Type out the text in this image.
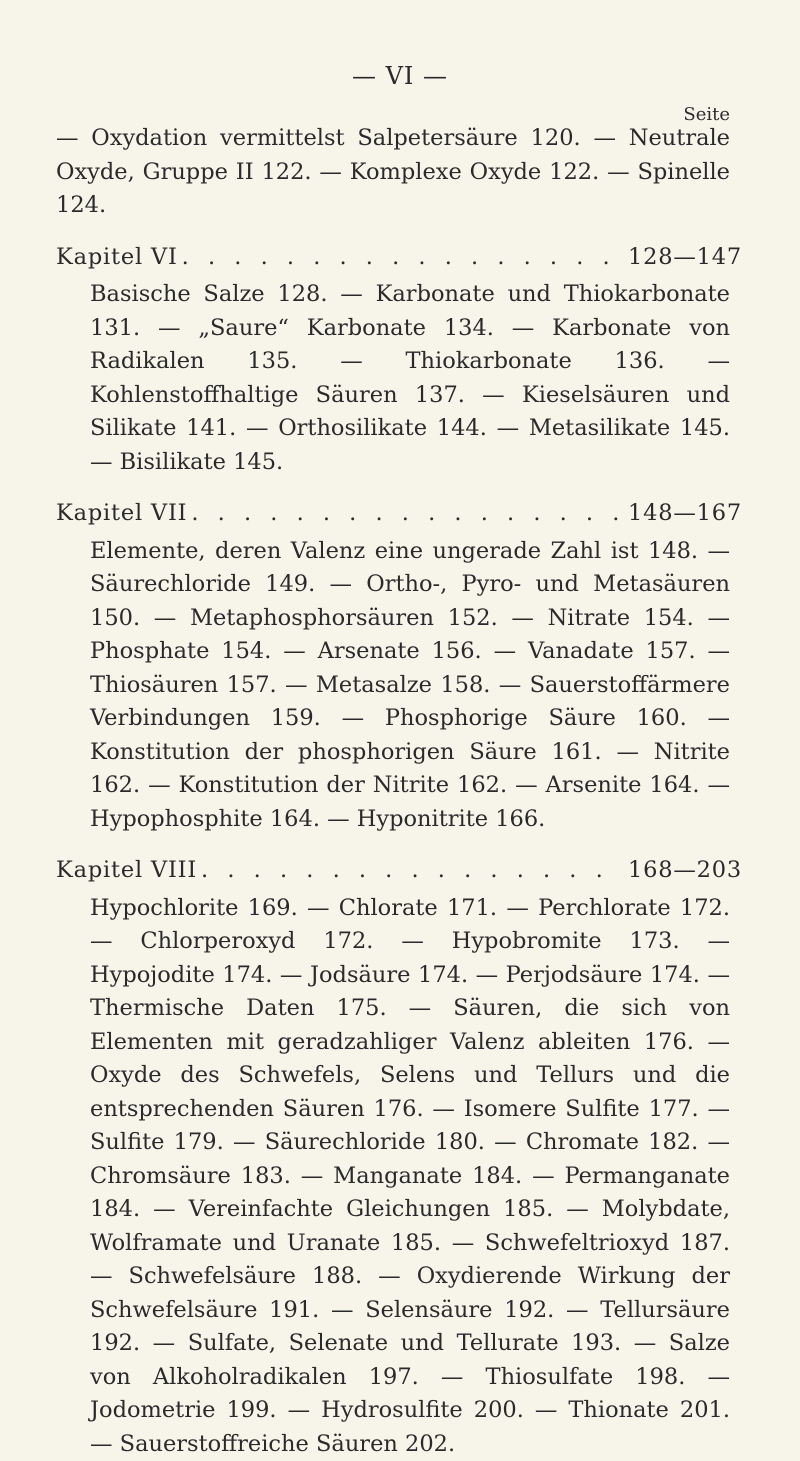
— VI —
Seite

— Oxydation vermittelst Salpetersäure 120. — Neutrale Oxyde, Gruppe II 122. — Komplexe Oxyde 122. — Spinelle 124.

Kapitel VI . . .	128—147

Basische Salze 128. — Karbonate und Thiokarbonate 131. — „Saure“ Karbonate 134. — Karbonate von Radikalen 135. — Thiokarbonate 136. — Kohlenstoffhaltige Säuren 137. — Kieselsäuren und Silikate 141. — Orthosilikate 144. — Metasilikate 145. — Bisilikate 145.

Kapitel VII . . .	148—167

Elemente, deren Valenz eine ungerade Zahl ist 148. — Säurechloride 149. — Ortho-, Pyro- und Metasäuren 150. — Metaphosphorsäuren 152. — Nitrate 154. — Phosphate 154. — Arsenate 156. — Vanadate 157. — Thiosäuren 157. — Metasalze 158. — Sauerstoffärmere Verbindungen 159. — Phosphorige Säure 160. — Konstitution der phosphorigen Säure 161. — Nitrite 162. — Konstitution der Nitrite 162. — Arsenite 164. — Hypophosphite 164. — Hyponitrite 166.

Kapitel VIII . . .	168—203

Hypochlorite 169. — Chlorate 171. — Perchlorate 172. — Chlorperoxyd 172. — Hypobromite 173. — Hypojodite 174. — Jodsäure 174. — Perjodsäure 174. — Thermische Daten 175. — Säuren, die sich von Elementen mit geradzahliger Valenz ableiten 176. — Oxyde des Schwefels, Selens und Tellurs und die entsprechenden Säuren 176. — Isomere Sulfite 177. — Sulfite 179. — Säurechloride 180. — Chromate 182. — Chromsäure 183. — Manganate 184. — Permanganate 184. — Vereinfachte Gleichungen 185. — Molybdate, Wolframate und Uranate 185. — Schwefeltrioxyd 187. — Schwefelsäure 188. — Oxydierende Wirkung der Schwefelsäure 191. — Selensäure 192. — Tellursäure 192. — Sulfate, Selenate und Tellurate 193. — Salze von Alkoholradikalen 197. — Thiosulfate 198. — Jodometrie 199. — Hydrosulfite 200. — Thionate 201. — Sauerstoffreiche Säuren 202.
